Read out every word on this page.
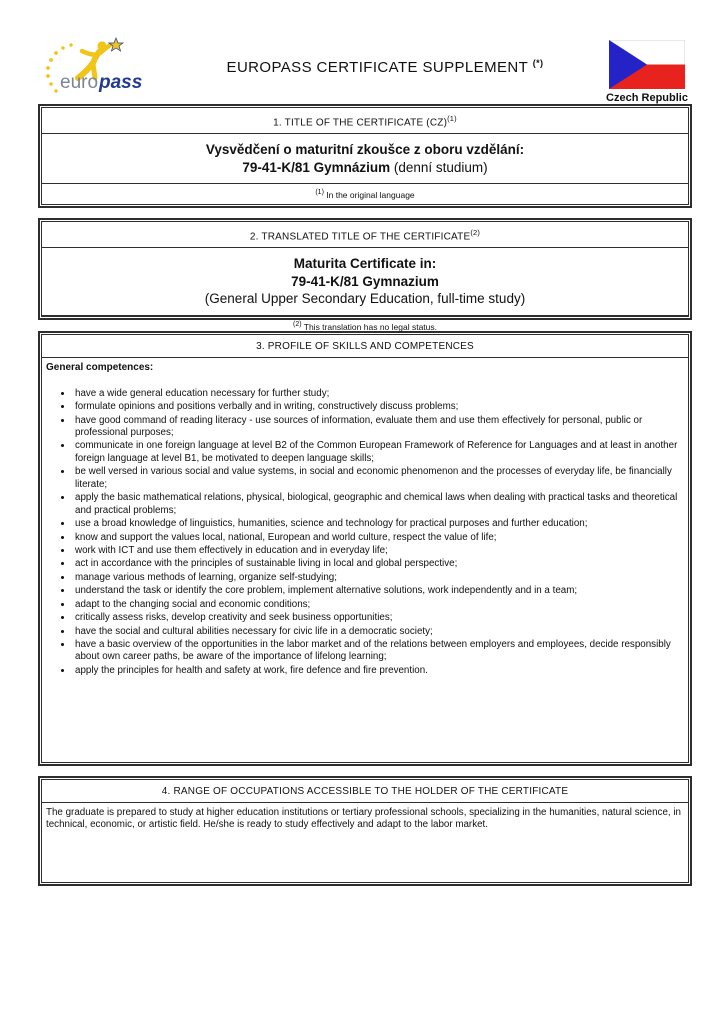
euro pass
EUROPASS CERTIFICATE SUPPLEMENT (*)
Czech Republic
1. TITLE OF THE CERTIFICATE (CZ)$^{(1)}$
Vysvědčení o maturitní zkoušce z oboru vzdělání:
79-41-K/81 Gymnázium (denní studium)
$^{(1)}$ In the original language
2. TRANSLATED TITLE OF THE CERTIFICATE$^{(2)}$
Maturita Certificate in:
79-41-K/81 Gymnazium
(General Upper Secondary Education, full-time study)
$^{(2)}$ This translation has no legal status.
3. PROFILE OF SKILLS AND COMPETENCES
General competences:
• have a wide general education necessary for further study;
• formulate opinions and positions verbally and in writing, constructively discuss problems;
• have good command of reading literacy - use sources of information, evaluate them and use them effectively for personal, public or professional purposes;
• communicate in one foreign language at level B2 of the Common European Framework of Reference for Languages and at least in another foreign language at level B1, be motivated to deepen language skills;
• be well versed in various social and value systems, in social and economic phenomenon and the processes of everyday life, be financially literate;
• apply the basic mathematical relations, physical, biological, geographic and chemical laws when dealing with practical tasks and theoretical and practical problems;
• use a broad knowledge of linguistics, humanities, science and technology for practical purposes and further education;
• know and support the values local, national, European and world culture, respect the value of life;
• work with ICT and use them effectively in education and in everyday life;
• act in accordance with the principles of sustainable living in local and global perspective;
• manage various methods of learning, organize self-studying;
• understand the task or identify the core problem, implement alternative solutions, work independently and in a team;
• adapt to the changing social and economic conditions;
• critically assess risks, develop creativity and seek business opportunities;
• have the social and cultural abilities necessary for civic life in a democratic society;
• have a basic overview of the opportunities in the labor market and of the relations between employers and employees, decide responsibly about own career paths, be aware of the importance of lifelong learning;
• apply the principles for health and safety at work, fire defence and fire prevention.
4. RANGE OF OCCUPATIONS ACCESSIBLE TO THE HOLDER OF THE CERTIFICATE
The graduate is prepared to study at higher education institutions or tertiary professional schools, specializing in the humanities, natural science, in technical, economic, or artistic field. He/she is ready to study effectively and adapt to the labor market.
